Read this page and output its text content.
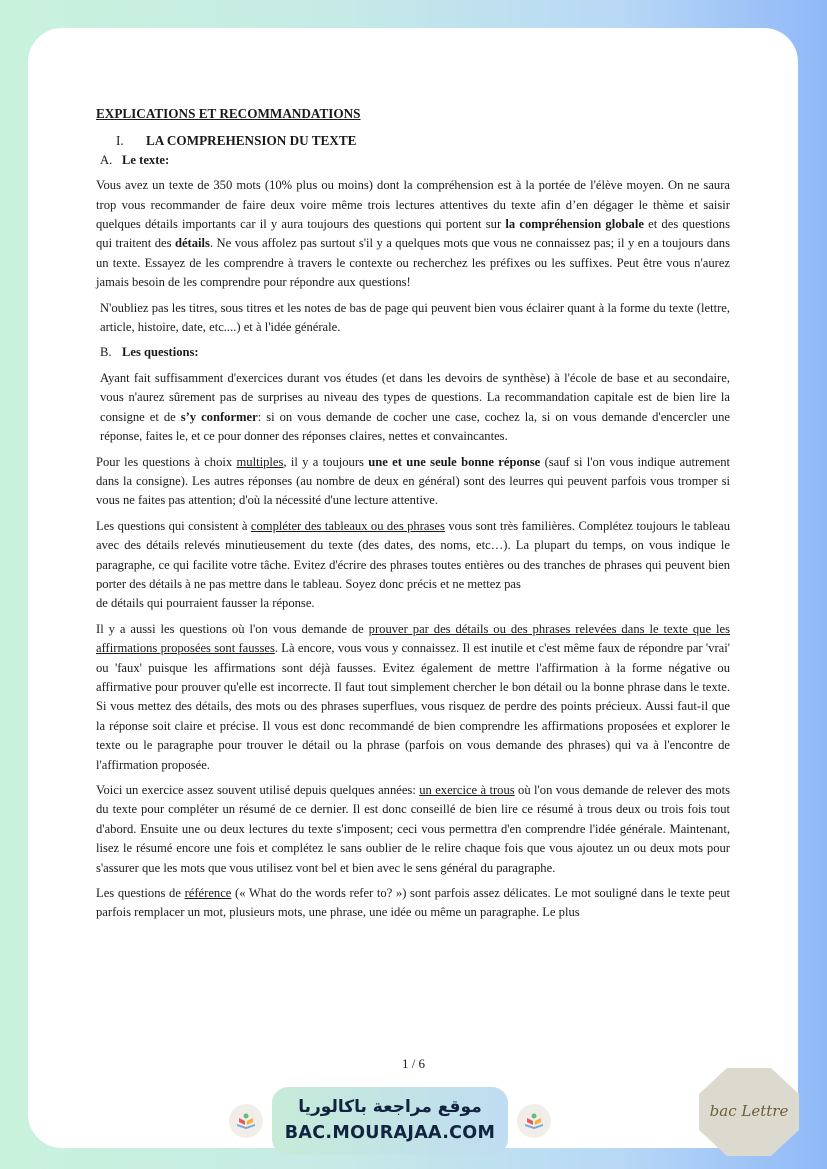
EXPLICATIONS ET RECOMMANDATIONS
I. LA COMPREHENSION DU TEXTE
A. Le texte:

Vous avez un texte de 350 mots (10% plus ou moins) dont la compréhension est à la portée de l'élève moyen. On ne saura trop vous recommander de faire deux voire même trois lectures attentives du texte afin d’en dégager le thème et saisir quelques détails importants car il y aura toujours des questions qui portent sur la compréhension globale et des questions qui traitent des détails. Ne vous affolez pas surtout s'il y a quelques mots que vous ne connaissez pas; il y en a toujours dans un texte. Essayez de les comprendre à travers le contexte ou recherchez les préfixes ou les suffixes. Peut être vous n'aurez jamais besoin de les comprendre pour répondre aux questions!

N'oubliez pas les titres, sous titres et les notes de bas de page qui peuvent bien vous éclairer quant à la forme du texte (lettre, article, histoire, date, etc....) et à l'idée générale.

B. Les questions:

Ayant fait suffisamment d'exercices durant vos études (et dans les devoirs de synthèse) à l'école de base et au secondaire, vous n'aurez sûrement pas de surprises au niveau des types de questions. La recommandation capitale est de bien lire la consigne et de s’y conformer: si on vous demande de cocher une case, cochez la, si on vous demande d'encercler une réponse, faites le, et ce pour donner des réponses claires, nettes et convaincantes.

Pour les questions à choix multiples, il y a toujours une et une seule bonne réponse (sauf si l'on vous indique autrement dans la consigne). Les autres réponses (au nombre de deux en général) sont des leurres qui peuvent parfois vous tromper si vous ne faites pas attention; d'où la nécessité d'une lecture attentive.

Les questions qui consistent à compléter des tableaux ou des phrases vous sont très familières. Complétez toujours le tableau avec des détails relevés minutieusement du texte (des dates, des noms, etc…). La plupart du temps, on vous indique le paragraphe, ce qui facilite votre tâche. Evitez d'écrire des phrases toutes entières ou des tranches de phrases qui peuvent bien porter des détails à ne pas mettre dans le tableau. Soyez donc précis et ne mettez pas
de détails qui pourraient fausser la réponse.

Il y a aussi les questions où l'on vous demande de prouver par des détails ou des phrases relevées dans le texte que les affirmations proposées sont fausses. Là encore, vous vous y connaissez. Il est inutile et c'est même faux de répondre par 'vrai' ou 'faux' puisque les affirmations sont déjà fausses. Evitez également de mettre l'affirmation à la forme négative ou affirmative pour prouver qu'elle est incorrecte. Il faut tout simplement chercher le bon détail ou la bonne phrase dans le texte. Si vous mettez des détails, des mots ou des phrases superflues, vous risquez de perdre des points précieux. Aussi faut-il que la réponse soit claire et précise. Il vous est donc recommandé de bien comprendre les affirmations proposées et explorer le texte ou le paragraphe pour trouver le détail ou la phrase (parfois on vous demande des phrases) qui va à l'encontre de l'affirmation proposée.

Voici un exercice assez souvent utilisé depuis quelques années: un exercice à trous où l'on vous demande de relever des mots du texte pour compléter un résumé de ce dernier. Il est donc conseillé de bien lire ce résumé à trous deux ou trois fois tout d'abord. Ensuite une ou deux lectures du texte s'imposent; ceci vous permettra d'en comprendre l'idée générale. Maintenant, lisez le résumé encore une fois et complétez le sans oublier de le relire chaque fois que vous ajoutez un ou deux mots pour s'assurer que les mots que vous utilisez vont bel et bien avec le sens général du paragraphe.

Les questions de référence (« What do the words refer to? ») sont parfois assez délicates. Le mot souligné dans le texte peut parfois remplacer un mot, plusieurs mots, une phrase, une idée ou même un paragraphe. Le plus

1 / 6
موقع مراجعة باكالوريا
BAC.MOURAJAA.COM
bac Lettre
